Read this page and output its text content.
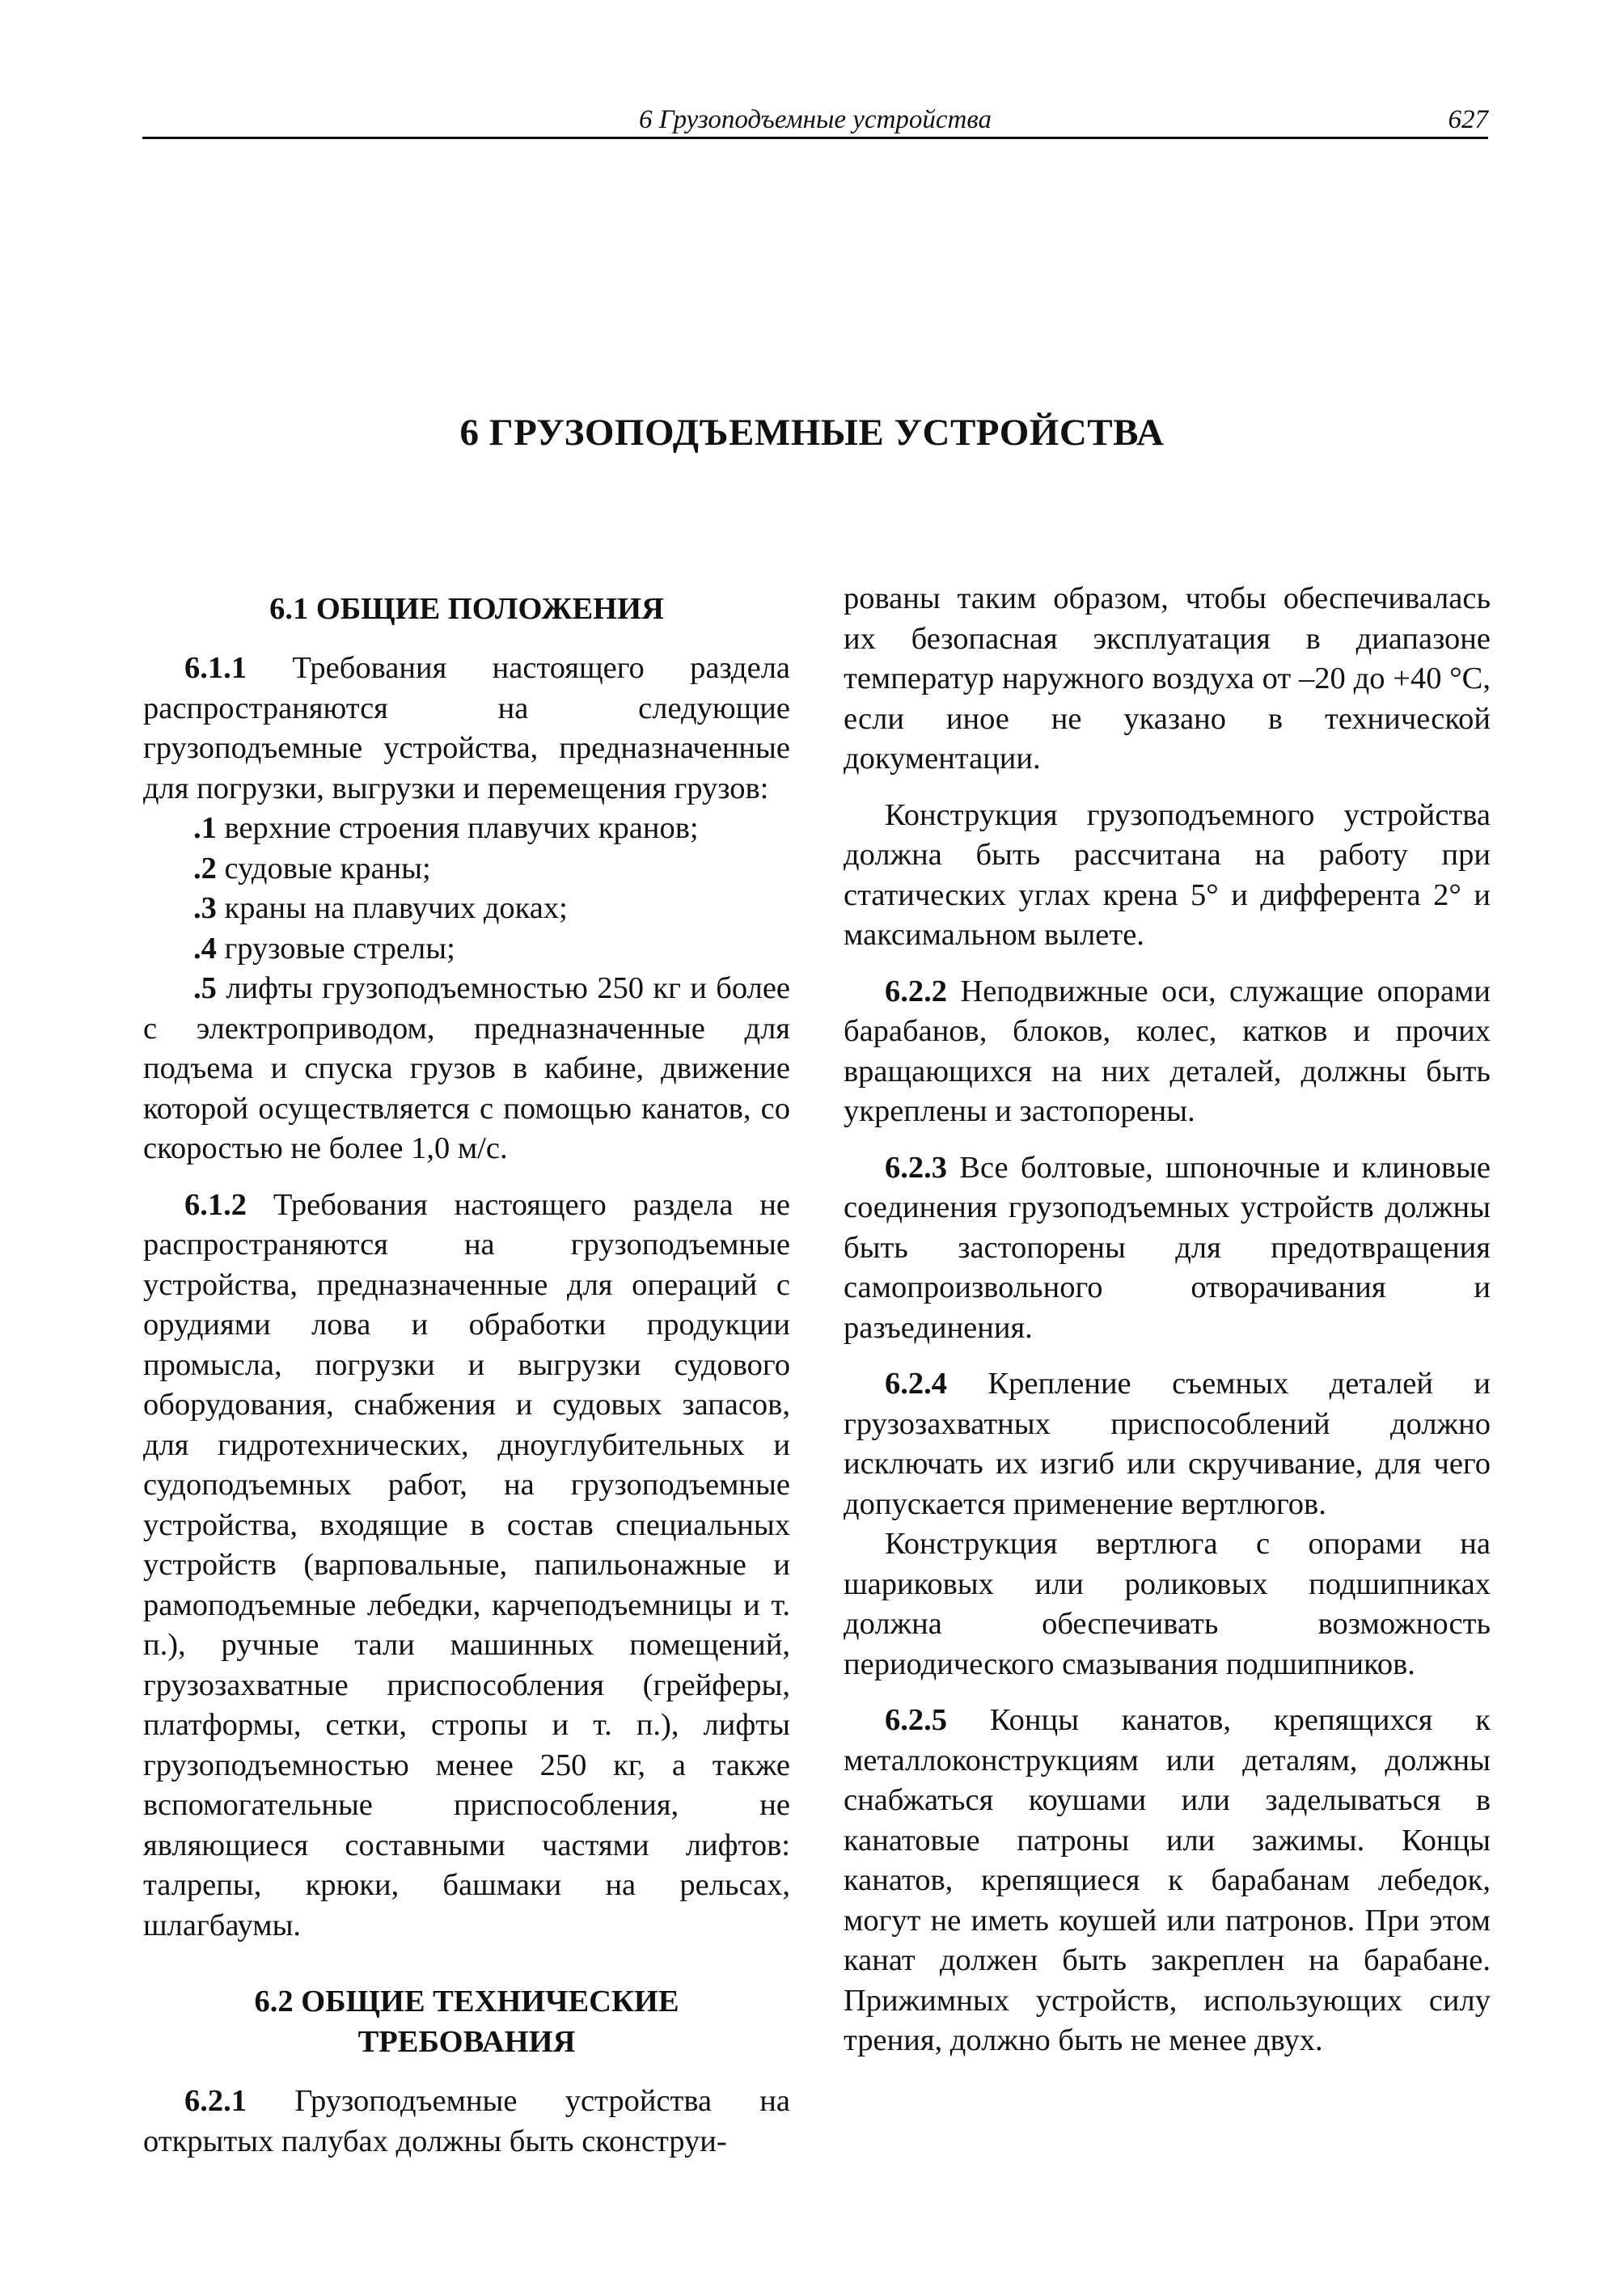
6 Грузоподъемные устройства	627
6 ГРУЗОПОДЪЕМНЫЕ УСТРОЙСТВА
6.1 ОБЩИЕ ПОЛОЖЕНИЯ

6.1.1 Требования настоящего раздела распространяются на следующие грузоподъемные устройства, предназначенные для погрузки, выгрузки и перемещения грузов:

.1 верхние строения плавучих кранов;

.2 судовые краны;

.3 краны на плавучих доках;

.4 грузовые стрелы;

.5 лифты грузоподъемностью 250 кг и более с электроприводом, предназначенные для подъема и спуска грузов в кабине, движение которой осуществляется с помощью канатов, со скоростью не более 1,0 м/с.

6.1.2 Требования настоящего раздела не распространяются на грузоподъемные устройства, предназначенные для операций с орудиями лова и обработки продукции промысла, погрузки и выгрузки судового оборудования, снабжения и судовых запасов, для гидротехнических, дноуглубительных и судоподъемных работ, на грузоподъемные устройства, входящие в состав специальных устройств (варповальные, папильонажные и рамоподъемные лебедки, карчеподъемницы и т. п.), ручные тали машинных помещений, грузозахватные приспособления (грейферы, платформы, сетки, стропы и т. п.), лифты грузоподъемностью менее 250 кг, а также вспомогательные приспособления, не являющиеся составными частями лифтов: талрепы, крюки, башмаки на рельсах, шлагбаумы.

6.2 ОБЩИЕ ТЕХНИЧЕСКИЕ
ТРЕБОВАНИЯ

6.2.1 Грузоподъемные устройства на открытых палубах должны быть сконструи-

рованы таким образом, чтобы обеспечивалась их безопасная эксплуатация в диапазоне температур наружного воздуха от –20 до +40 °С, если иное не указано в технической документации.

Конструкция грузоподъемного устройства должна быть рассчитана на работу при статических углах крена 5° и дифферента 2° и максимальном вылете.

6.2.2 Неподвижные оси, служащие опорами барабанов, блоков, колес, катков и прочих вращающихся на них деталей, должны быть укреплены и застопорены.

6.2.3 Все болтовые, шпоночные и клиновые соединения грузоподъемных устройств должны быть застопорены для предотвращения самопроизвольного отворачивания и разъединения.

6.2.4 Крепление съемных деталей и грузозахватных приспособлений должно исключать их изгиб или скручивание, для чего допускается применение вертлюгов.

Конструкция вертлюга с опорами на шариковых или роликовых подшипниках должна обеспечивать возможность периодического смазывания подшипников.

6.2.5 Концы канатов, крепящихся к металлоконструкциям или деталям, должны снабжаться коушами или заделываться в канатовые патроны или зажимы. Концы канатов, крепящиеся к барабанам лебедок, могут не иметь коушей или патронов. При этом канат должен быть закреплен на барабане. Прижимных устройств, использующих силу трения, должно быть не менее двух.
